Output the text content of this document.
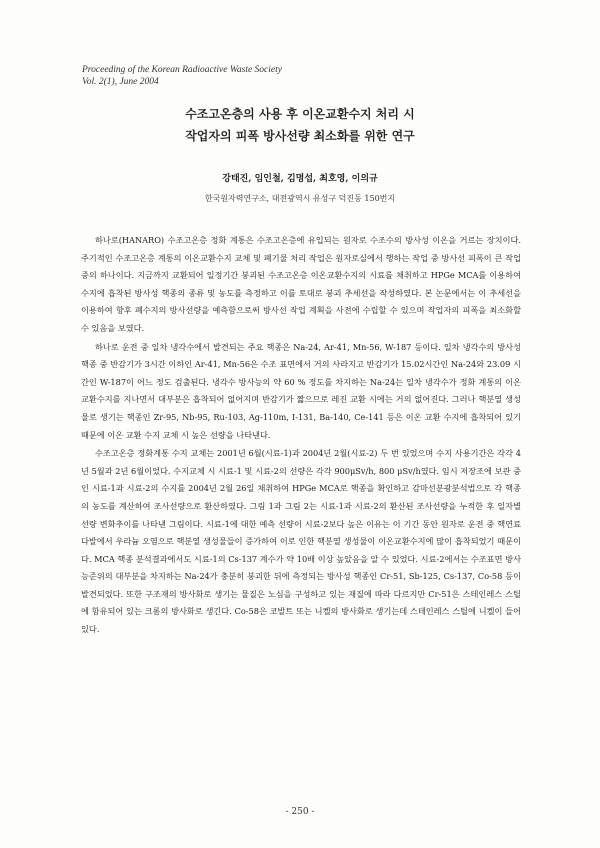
Proceeding of the Korean Radioactive Waste Society
Vol. 2(1), June 2004
수조고온층의 사용 후 이온교환수지 처리 시
작업자의 피폭 방사선량 최소화를 위한 연구
강태진, 임인철, 김명섭, 최호영, 이의규
한국원자력연구소, 대전광역시 유성구 덕진동 150번지

하나로(HANARO) 수조고온층 정화 계통은 수조고온층에 유입되는 원자로 수조수의 방사성 이온을 거르는 장치이다. 주기적인 수조고온층 계통의 이온교환수지 교체 및 폐기물 처리 작업은 원자로실에서 행하는 작업 중 방사선 피폭이 큰 작업 중의 하나이다. 지금까지 교환되어 일정기간 붕괴된 수조고온층 이온교환수지의 시료를 채취하고 HPGe MCA를 이용하여 수지에 흡착된 방사성 핵종의 종류 및 농도를 측정하고 이를 토대로 붕괴 추세선을 작성하였다. 본 논문에서는 이 추세선을 이용하여 향후 폐수지의 방사선량을 예측함으로써 방사선 작업 계획을 사전에 수립할 수 있으며 작업자의 피폭을 최소화할 수 있음을 보였다.

하나로 운전 중 일차 냉각수에서 발견되는 주요 핵종은 Na-24, Ar-41, Mn-56, W-187 등이다. 일차 냉각수의 방사성 핵종 중 반감기가 3시간 이하인 Ar-41, Mn-56은 수조 표면에서 거의 사라지고 반감기가 15.02시간인 Na-24와 23.09 시간인 W-187이 어느 정도 검출된다. 냉각수 방사능의 약 60 % 정도를 차지하는 Na-24는 일차 냉각수가 정화 계통의 이온교환수지를 지나면서 대부분은 흡착되어 없어지며 반감기가 짧으므로 레진 교환 시에는 거의 없어진다. 그러나 핵분열 생성물로 생기는 핵종인 Zr-95, Nb-95, Ru-103, Ag-110m, I-131, Ba-140, Ce-141 등은 이온 교환 수지에 흡착되어 있기 때문에 이온 교환 수지 교체 시 높은 선량을 나타낸다.

수조고온층 정화계통 수지 교체는 2001년 6월(시료-1)과 2004년 2월(시료-2) 두 번 있었으며 수지 사용기간은 각각 4년 5월과 2년 6월이었다. 수지교체 시 시료-1 및 시료-2의 선량은 각각 900μSv/h, 800 μSv/h였다. 임시 저장조에 보관 중인 시료-1과 시료-2의 수지를 2004년 2월 26일 채취하여 HPGe MCA로 핵종을 확인하고 감마선분광분석법으로 각 핵종의 농도를 계산하여 조사선량으로 환산하였다. 그림 1과 그림 2는 시료-1과 시료-2의 환산된 조사선량을 누적한 후 일자별 선량 변화추이를 나타낸 그림이다. 시료-1에 대한 예측 선량이 시료-2보다 높은 이유는 이 기간 동안 원자로 운전 중 핵연료 다발에서 우라늄 오염으로 핵분열 생성물들이 증가하여 이로 인한 핵분열 생성물이 이온교환수지에 많이 흡착되었기 때문이다. MCA 핵종 분석결과에서도 시료-1의 Cs-137 계수가 약 10배 이상 높았음을 알 수 있었다. 시료-2에서는 수조표면 방사능준위의 대부분을 차지하는 Na-24가 충분히 붕괴한 뒤에 측정되는 방사성 핵종인 Cr-51, Sb-125, Cs-137, Co-58 등이 발견되었다. 또한 구조재의 방사화로 생기는 물질은 노심을 구성하고 있는 재질에 따라 다르지만 Cr-51은 스테인레스 스틸에 함유되어 있는 크롬의 방사화로 생긴다. Co-58은 코발트 또는 니켈의 방사화로 생기는데 스테인레스 스틸에 니켈이 들어있다.

- 250 -
